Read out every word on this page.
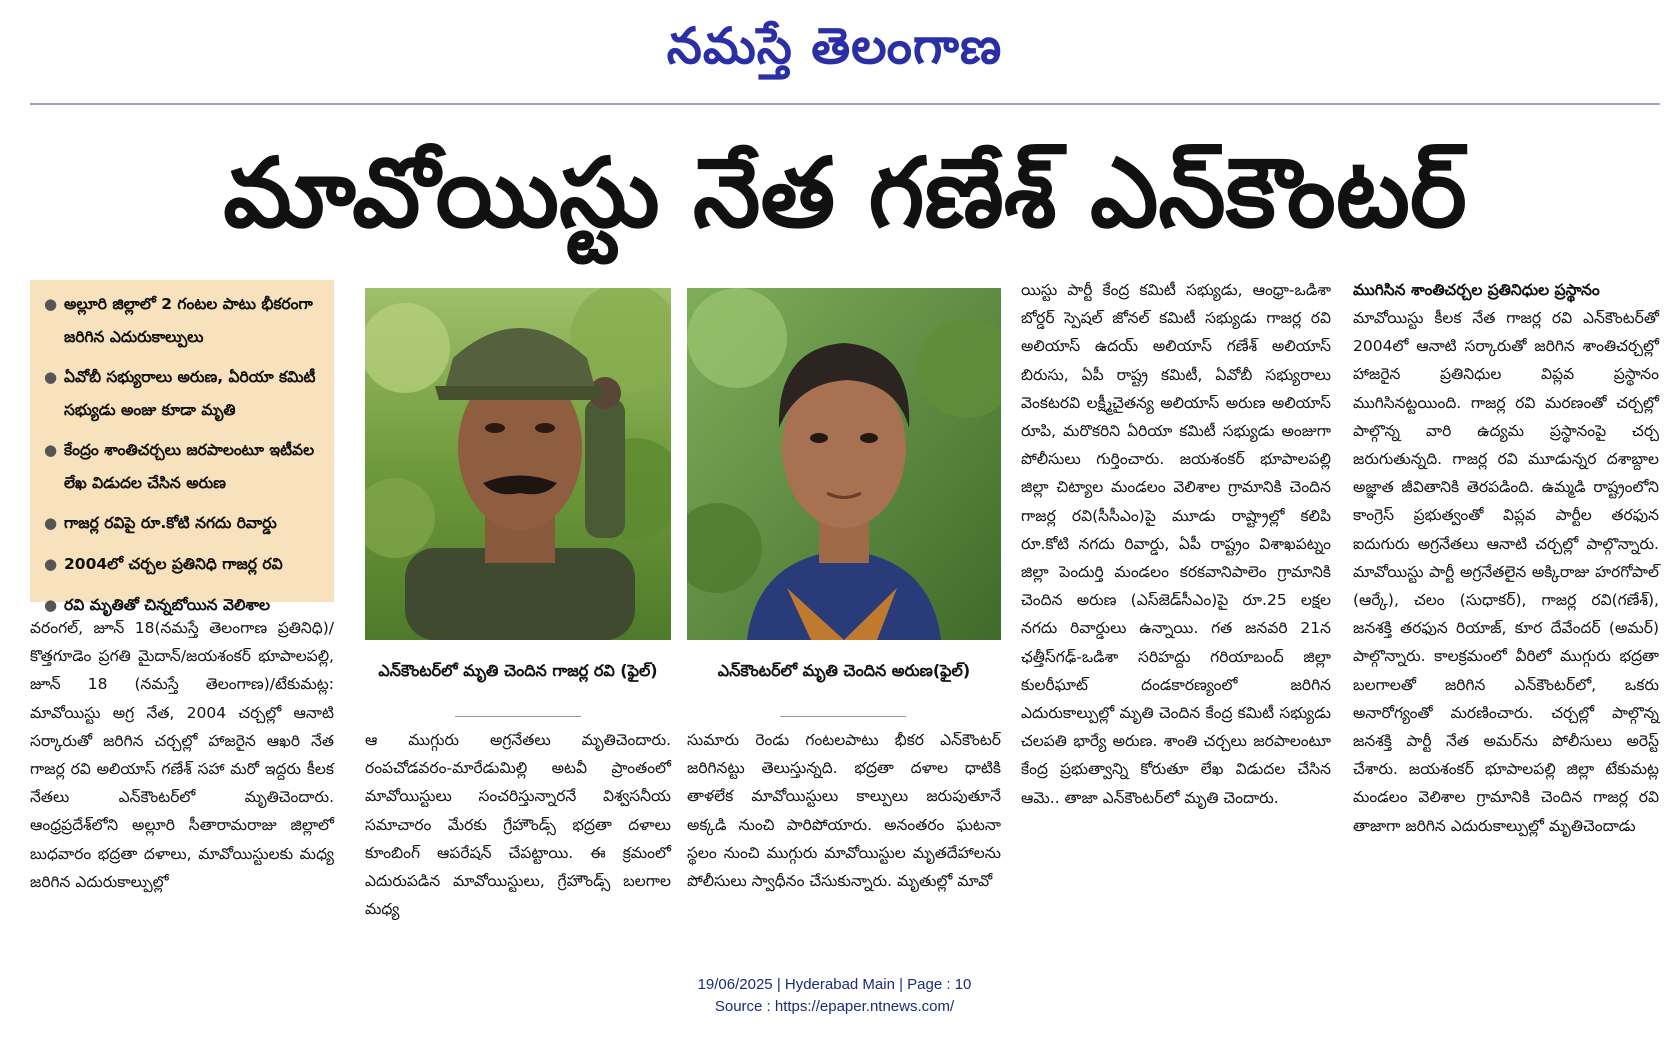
నమస్తే తెలంగాణ
మావోయిస్టు నేత గణేశ్ ఎన్‌కౌంటర్
● అల్లూరి జిల్లాలో 2 గంటల పాటు భీకరంగా జరిగిన ఎదురుకాల్పులు
● ఏవోబీ సభ్యురాలు అరుణ, ఏరియా కమిటీ సభ్యుడు అంజు కూడా మృతి
● కేంద్రం శాంతిచర్చలు జరపాలంటూ ఇటీవల లేఖ విడుదల చేసిన అరుణ
● గాజర్ల రవిపై రూ.కోటి నగదు రివార్డు
● 2004లో చర్చల ప్రతినిధి గాజర్ల రవి
● రవి మృతితో చిన్నబోయిన వెలిశాల
ఎన్‌కౌంటర్‌లో మృతి చెందిన గాజర్ల రవి (ఫైల్)	ఎన్‌కౌంటర్‌లో మృతి చెందిన అరుణ(ఫైల్)

వరంగల్, జూన్ 18(నమస్తే తెలంగాణ ప్రతినిధి)/కొత్తగూడెం ప్రగతి మైదాన్/జయశంకర్ భూపాలపల్లి, జూన్ 18 (నమస్తే తెలంగాణ)/టేకుమట్ల: మావోయిస్టు అగ్ర నేత, 2004 చర్చల్లో ఆనాటి సర్కారుతో జరిగిన చర్చల్లో హాజరైన ఆఖరి నేత గాజర్ల రవి అలియాస్ గణేశ్ సహా మరో ఇద్దరు కీలక నేతలు ఎన్‌కౌంటర్‌లో మృతిచెందారు. ఆంధ్రప్రదేశ్‌లోని అల్లూరి సీతారామరాజు జిల్లాలో బుధవారం భద్రతా దళాలు, మావోయిస్టులకు మధ్య జరిగిన ఎదురుకాల్పుల్లో

ఆ ముగ్గురు అగ్రనేతలు మృతిచెందారు. రంపచోడవరం-మారేడుమిల్లి అటవీ ప్రాంతంలో మావోయిస్టులు సంచరిస్తున్నారనే విశ్వసనీయ సమాచారం మేరకు గ్రేహౌండ్స్ భద్రతా దళాలు కూంబింగ్ ఆపరేషన్ చేపట్టాయి. ఈ క్రమంలో ఎదురుపడిన మావోయిస్టులు, గ్రేహౌండ్స్ బలగాల మధ్య

సుమారు రెండు గంటలపాటు భీకర ఎన్‌కౌంటర్ జరిగినట్టు తెలుస్తున్నది. భద్రతా దళాల ధాటికి తాళలేక మావోయిస్టులు కాల్పులు జరుపుతూనే అక్కడి నుంచి పారిపోయారు. అనంతరం ఘటనా స్థలం నుంచి ముగ్గురు మావోయిస్టుల మృతదేహాలను పోలీసులు స్వాధీనం చేసుకున్నారు. మృతుల్లో మావో

యిస్టు పార్టీ కేంద్ర కమిటీ సభ్యుడు, ఆంధ్రా-ఒడిశా బోర్డర్ స్పెషల్ జోనల్ కమిటీ సభ్యుడు గాజర్ల రవి అలియాస్ ఉదయ్ అలియాస్ గణేశ్ అలియాస్ బిరుసు, ఏపీ రాష్ట్ర కమిటీ, ఏవోబీ సభ్యురాలు వెంకటరవి లక్ష్మీచైతన్య అలియాస్ అరుణ అలియాస్ రూపి, మరొకరిని ఏరియా కమిటీ సభ్యుడు అంజుగా పోలీసులు గుర్తించారు. జయశంకర్ భూపాలపల్లి జిల్లా చిట్యాల మండలం వెలిశాల గ్రామానికి చెందిన గాజర్ల రవి(సీసీఎం)పై మూడు రాష్ట్రాల్లో కలిపి రూ.కోటి నగదు రివార్డు, ఏపీ రాష్ట్రం విశాఖపట్నం జిల్లా పెందుర్తి మండలం కరకవానిపాలెం గ్రామానికి చెందిన అరుణ (ఎస్‌జెడ్‌సీఎం)పై రూ.25 లక్షల నగదు రివార్డులు ఉన్నాయి. గత జనవరి 21న ఛత్తీస్‌గఢ్-ఒడిశా సరిహద్దు గరియాబంద్ జిల్లా కులరీఘాట్ దండకారణ్యంలో జరిగిన ఎదురుకాల్పుల్లో మృతి చెందిన కేంద్ర కమిటీ సభ్యుడు చలపతి భార్యే అరుణ. శాంతి చర్చలు జరపాలంటూ కేంద్ర ప్రభుత్వాన్ని కోరుతూ లేఖ విడుదల చేసిన ఆమె.. తాజా ఎన్‌కౌంటర్‌లో మృతి చెందారు.

ముగిసిన శాంతిచర్చల ప్రతినిధుల ప్రస్థానం

మావోయిస్టు కీలక నేత గాజర్ల రవి ఎన్‌కౌంటర్‌తో 2004లో ఆనాటి సర్కారుతో జరిగిన శాంతిచర్చల్లో హాజరైన ప్రతినిధుల విప్లవ ప్రస్థానం ముగిసినట్టయింది. గాజర్ల రవి మరణంతో చర్చల్లో పాల్గొన్న వారి ఉద్యమ ప్రస్థానంపై చర్చ జరుగుతున్నది. గాజర్ల రవి మూడున్నర దశాబ్దాల అజ్ఞాత జీవితానికి తెరపడింది. ఉమ్మడి రాష్ట్రంలోని కాంగ్రెస్ ప్రభుత్వంతో విప్లవ పార్టీల తరఫున ఐదుగురు అగ్రనేతలు ఆనాటి చర్చల్లో పాల్గొన్నారు. మావోయిస్టు పార్టీ అగ్రనేతలైన అక్కిరాజు హరగోపాల్ (ఆర్కే), చలం (సుధాకర్), గాజర్ల రవి(గణేశ్), జనశక్తి తరఫున రియాజ్, కూర దేవేందర్ (అమర్) పాల్గొన్నారు. కాలక్రమంలో వీరిలో ముగ్గురు భద్రతా బలగాలతో జరిగిన ఎన్‌కౌంటర్‌లో, ఒకరు అనారోగ్యంతో మరణించారు. చర్చల్లో పాల్గొన్న జనశక్తి పార్టీ నేత అమర్‌ను పోలీసులు అరెస్ట్ చేశారు. జయశంకర్ భూపాలపల్లి జిల్లా టేకుమట్ల మండలం వెలిశాల గ్రామానికి చెందిన గాజర్ల రవి తాజాగా జరిగిన ఎదురుకాల్పుల్లో మృతిచెందాడు

19/06/2025 | Hyderabad Main | Page : 10
Source : https://epaper.ntnews.com/
